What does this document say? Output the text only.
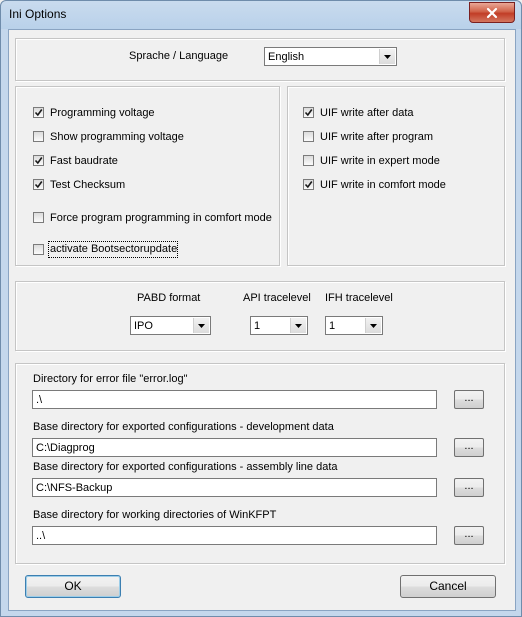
Ini Options
Sprache / Language	English
Programming voltage
Show programming voltage
Fast baudrate
Test Checksum
Force program programming in comfort mode
activate Bootsectorupdate
UIF write after data
UIF write after program
UIF write in expert mode
UIF write in comfort mode
PABD format
IPO
API tracelevel
1
IFH tracelevel
1
Directory for error file "error.log"
.\	...
Base directory for exported configurations - development data
C:\Diagprog	...
Base directory for exported configurations - assembly line data
C:\NFS-Backup	...
Base directory for working directories of WinKFPT
..\	...
OK	Cancel
